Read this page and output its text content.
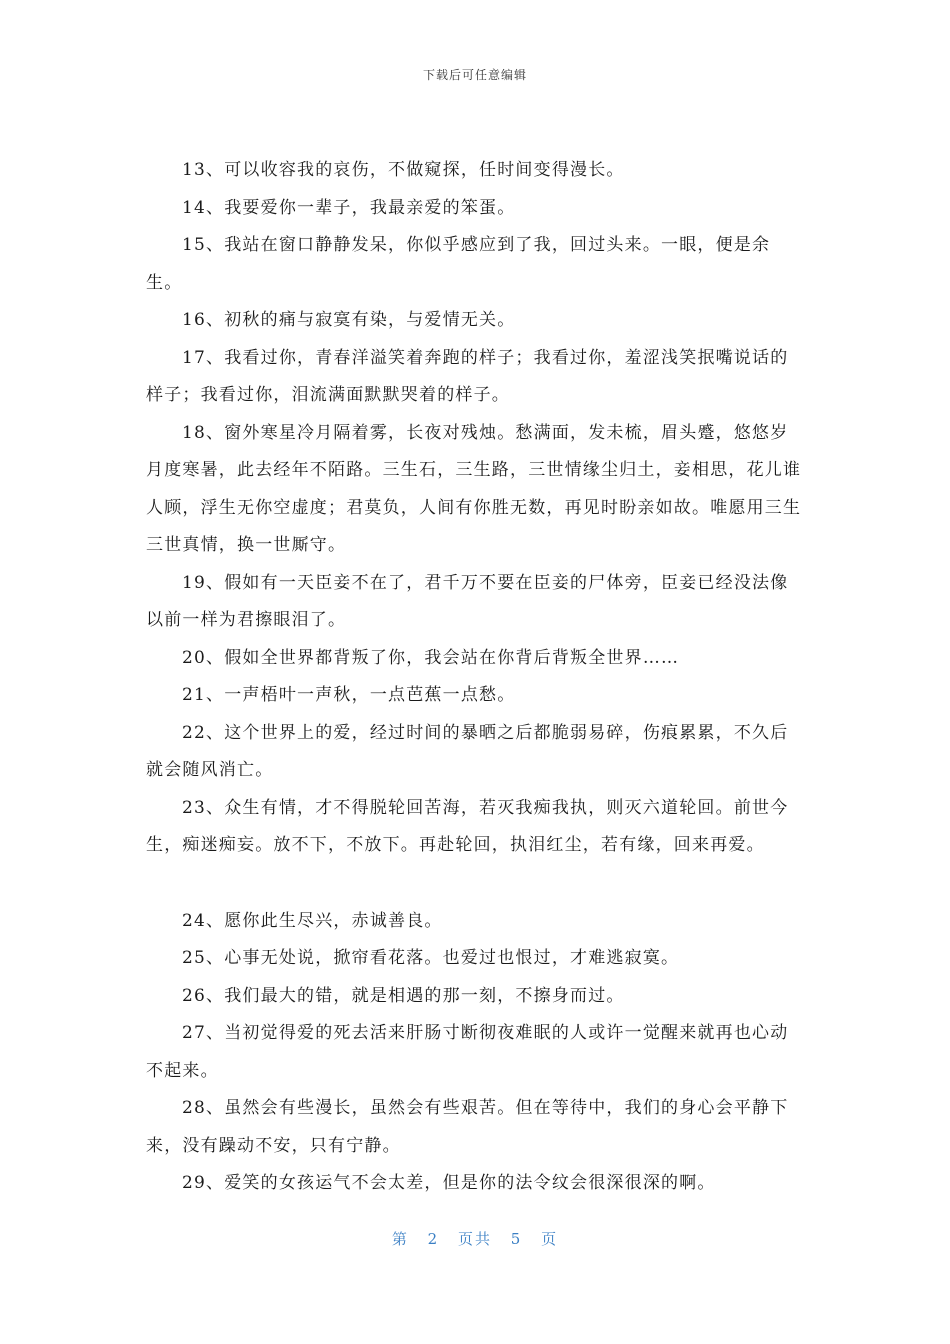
下载后可任意编辑

13、可以收容我的哀伤，不做窥探，任时间变得漫长。

14、我要爱你一辈子，我最亲爱的笨蛋。

15、我站在窗口静静发呆，你似乎感应到了我，回过头来。一眼，便是余生。

16、初秋的痛与寂寞有染，与爱情无关。

17、我看过你，青春洋溢笑着奔跑的样子；我看过你，羞涩浅笑抿嘴说话的样子；我看过你，泪流满面默默哭着的样子。

18、窗外寒星冷月隔着雾，长夜对残烛。愁满面，发未梳，眉头蹙，悠悠岁月度寒暑，此去经年不陌路。三生石，三生路，三世情缘尘归土，妾相思，花儿谁人顾，浮生无你空虚度；君莫负，人间有你胜无数，再见时盼亲如故。唯愿用三生三世真情，换一世厮守。

19、假如有一天臣妾不在了，君千万不要在臣妾的尸体旁，臣妾已经没法像以前一样为君擦眼泪了。

20、假如全世界都背叛了你，我会站在你背后背叛全世界……

21、一声梧叶一声秋，一点芭蕉一点愁。

22、这个世界上的爱，经过时间的暴晒之后都脆弱易碎，伤痕累累，不久后就会随风消亡。

23、众生有情，才不得脱轮回苦海，若灭我痴我执，则灭六道轮回。前世今生，痴迷痴妄。放不下，不放下。再赴轮回，执泪红尘，若有缘，回来再爱。

24、愿你此生尽兴，赤诚善良。

25、心事无处说，掀帘看花落。也爱过也恨过，才难逃寂寞。

26、我们最大的错，就是相遇的那一刻，不擦身而过。

27、当初觉得爱的死去活来肝肠寸断彻夜难眠的人或许一觉醒来就再也心动不起来。

28、虽然会有些漫长，虽然会有些艰苦。但在等待中，我们的身心会平静下来，没有躁动不安，只有宁静。

29、爱笑的女孩运气不会太差，但是你的法令纹会很深很深的啊。

第 2 页共 5 页
